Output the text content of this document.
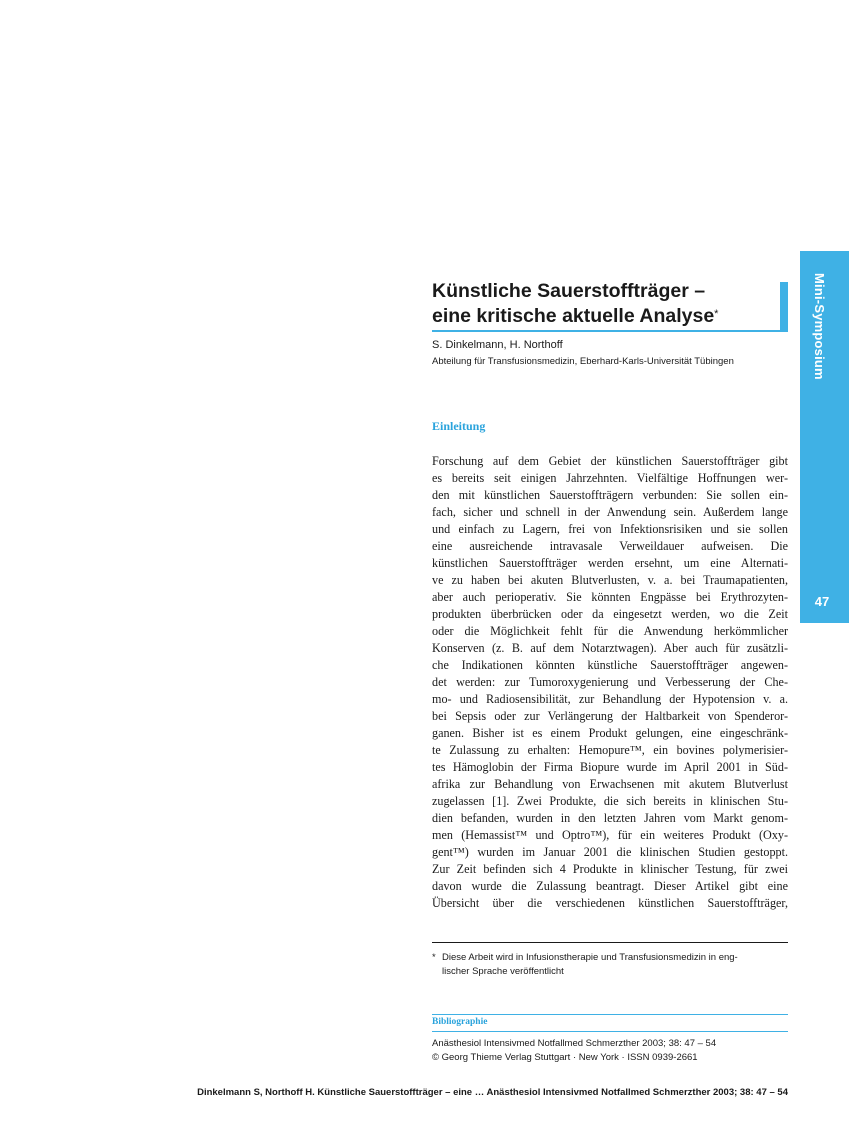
Mini-Symposium
47
Künstliche Sauerstoffträger –
eine kritische aktuelle Analyse*
S. Dinkelmann, H. Northoff
Abteilung für Transfusionsmedizin, Eberhard-Karls-Universität Tübingen
Einleitung
Forschung auf dem Gebiet der künstlichen Sauerstoffträger gibt
es bereits seit einigen Jahrzehnten. Vielfältige Hoffnungen wer-
den mit künstlichen Sauerstoffträgern verbunden: Sie sollen ein-
fach, sicher und schnell in der Anwendung sein. Außerdem lange
und einfach zu Lagern, frei von Infektionsrisiken und sie sollen
eine ausreichende intravasale Verweildauer aufweisen. Die
künstlichen Sauerstoffträger werden ersehnt, um eine Alternati-
ve zu haben bei akuten Blutverlusten, v. a. bei Traumapatienten,
aber auch perioperativ. Sie könnten Engpässe bei Erythrozyten-
produkten überbrücken oder da eingesetzt werden, wo die Zeit
oder die Möglichkeit fehlt für die Anwendung herkömmlicher
Konserven (z. B. auf dem Notarztwagen). Aber auch für zusätzli-
che Indikationen könnten künstliche Sauerstoffträger angewen-
det werden: zur Tumoroxygenierung und Verbesserung der Che-
mo- und Radiosensibilität, zur Behandlung der Hypotension v. a.
bei Sepsis oder zur Verlängerung der Haltbarkeit von Spenderor-
ganen. Bisher ist es einem Produkt gelungen, eine eingeschränk-
te Zulassung zu erhalten: Hemopure™, ein bovines polymerisier-
tes Hämoglobin der Firma Biopure wurde im April 2001 in Süd-
afrika zur Behandlung von Erwachsenen mit akutem Blutverlust
zugelassen [1]. Zwei Produkte, die sich bereits in klinischen Stu-
dien befanden, wurden in den letzten Jahren vom Markt genom-
men (Hemassist™ und Optro™), für ein weiteres Produkt (Oxy-
gent™) wurden im Januar 2001 die klinischen Studien gestoppt.
Zur Zeit befinden sich 4 Produkte in klinischer Testung, für zwei
davon wurde die Zulassung beantragt. Dieser Artikel gibt eine
Übersicht über die verschiedenen künstlichen Sauerstoffträger,
* Diese Arbeit wird in Infusionstherapie und Transfusionsmedizin in eng-
lischer Sprache veröffentlicht
Bibliographie
Anästhesiol Intensivmed Notfallmed Schmerzther 2003; 38: 47 – 54
© Georg Thieme Verlag Stuttgart · New York · ISSN 0939-2661
Dinkelmann S, Northoff H. Künstliche Sauerstoffträger – eine … Anästhesiol Intensivmed Notfallmed Schmerzther 2003; 38: 47 – 54
